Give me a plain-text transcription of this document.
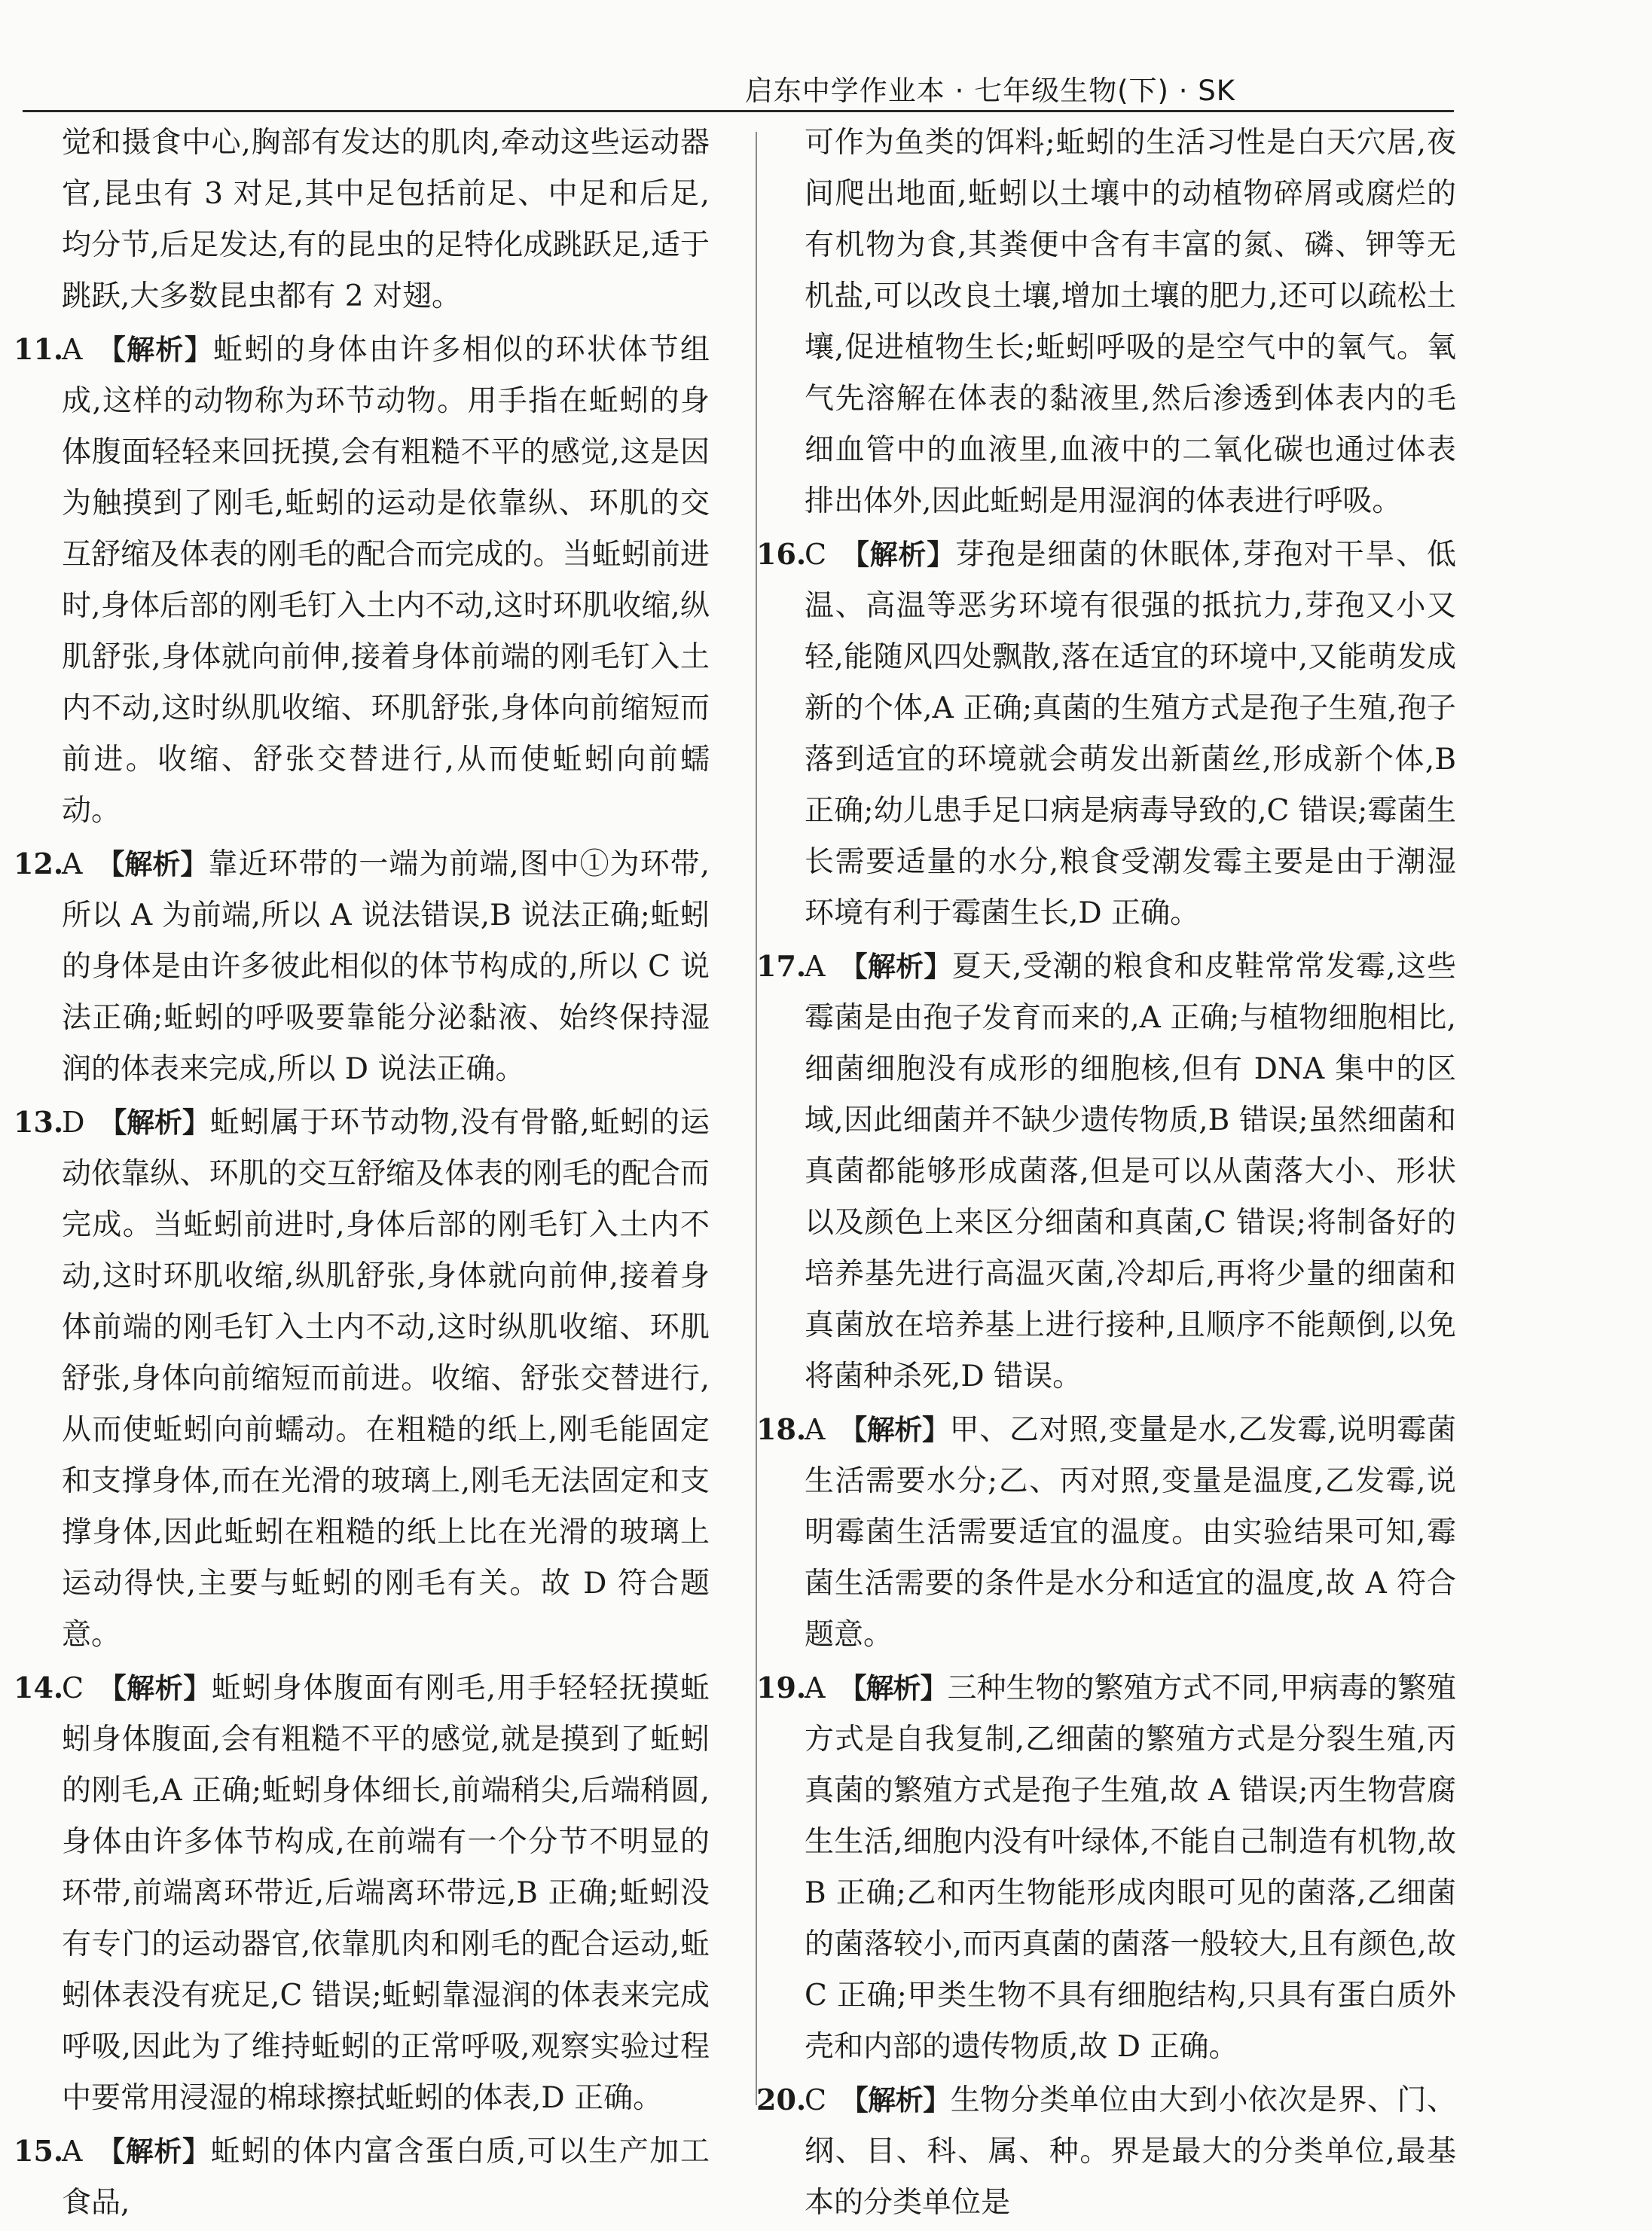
启东中学作业本 · 七年级生物(下) · SK

觉和摄食中心,胸部有发达的肌肉,牵动这些运动器官,昆虫有 3 对足,其中足包括前足、中足和后足,均分节,后足发达,有的昆虫的足特化成跳跃足,适于跳跃,大多数昆虫都有 2 对翅。

11.A 【解析】蚯蚓的身体由许多相似的环状体节组成,这样的动物称为环节动物。用手指在蚯蚓的身体腹面轻轻来回抚摸,会有粗糙不平的感觉,这是因为触摸到了刚毛,蚯蚓的运动是依靠纵、环肌的交互舒缩及体表的刚毛的配合而完成的。当蚯蚓前进时,身体后部的刚毛钉入土内不动,这时环肌收缩,纵肌舒张,身体就向前伸,接着身体前端的刚毛钉入土内不动,这时纵肌收缩、环肌舒张,身体向前缩短而前进。收缩、舒张交替进行,从而使蚯蚓向前蠕动。

12.A 【解析】靠近环带的一端为前端,图中①为环带,所以 A 为前端,所以 A 说法错误,B 说法正确;蚯蚓的身体是由许多彼此相似的体节构成的,所以 C 说法正确;蚯蚓的呼吸要靠能分泌黏液、始终保持湿润的体表来完成,所以 D 说法正确。

13.D 【解析】蚯蚓属于环节动物,没有骨骼,蚯蚓的运动依靠纵、环肌的交互舒缩及体表的刚毛的配合而完成。当蚯蚓前进时,身体后部的刚毛钉入土内不动,这时环肌收缩,纵肌舒张,身体就向前伸,接着身体前端的刚毛钉入土内不动,这时纵肌收缩、环肌舒张,身体向前缩短而前进。收缩、舒张交替进行,从而使蚯蚓向前蠕动。在粗糙的纸上,刚毛能固定和支撑身体,而在光滑的玻璃上,刚毛无法固定和支撑身体,因此蚯蚓在粗糙的纸上比在光滑的玻璃上运动得快,主要与蚯蚓的刚毛有关。故 D 符合题意。

14.C 【解析】蚯蚓身体腹面有刚毛,用手轻轻抚摸蚯蚓身体腹面,会有粗糙不平的感觉,就是摸到了蚯蚓的刚毛,A 正确;蚯蚓身体细长,前端稍尖,后端稍圆,身体由许多体节构成,在前端有一个分节不明显的环带,前端离环带近,后端离环带远,B 正确;蚯蚓没有专门的运动器官,依靠肌肉和刚毛的配合运动,蚯蚓体表没有疣足,C 错误;蚯蚓靠湿润的体表来完成呼吸,因此为了维持蚯蚓的正常呼吸,观察实验过程中要常用浸湿的棉球擦拭蚯蚓的体表,D 正确。

15.A 【解析】蚯蚓的体内富含蛋白质,可以生产加工食品,

可作为鱼类的饵料;蚯蚓的生活习性是白天穴居,夜间爬出地面,蚯蚓以土壤中的动植物碎屑或腐烂的有机物为食,其粪便中含有丰富的氮、磷、钾等无机盐,可以改良土壤,增加土壤的肥力,还可以疏松土壤,促进植物生长;蚯蚓呼吸的是空气中的氧气。氧气先溶解在体表的黏液里,然后渗透到体表内的毛细血管中的血液里,血液中的二氧化碳也通过体表排出体外,因此蚯蚓是用湿润的体表进行呼吸。

16.C 【解析】芽孢是细菌的休眠体,芽孢对干旱、低温、高温等恶劣环境有很强的抵抗力,芽孢又小又轻,能随风四处飘散,落在适宜的环境中,又能萌发成新的个体,A 正确;真菌的生殖方式是孢子生殖,孢子落到适宜的环境就会萌发出新菌丝,形成新个体,B 正确;幼儿患手足口病是病毒导致的,C 错误;霉菌生长需要适量的水分,粮食受潮发霉主要是由于潮湿环境有利于霉菌生长,D 正确。

17.A 【解析】夏天,受潮的粮食和皮鞋常常发霉,这些霉菌是由孢子发育而来的,A 正确;与植物细胞相比,细菌细胞没有成形的细胞核,但有 DNA 集中的区域,因此细菌并不缺少遗传物质,B 错误;虽然细菌和真菌都能够形成菌落,但是可以从菌落大小、形状以及颜色上来区分细菌和真菌,C 错误;将制备好的培养基先进行高温灭菌,冷却后,再将少量的细菌和真菌放在培养基上进行接种,且顺序不能颠倒,以免将菌种杀死,D 错误。

18.A 【解析】甲、乙对照,变量是水,乙发霉,说明霉菌生活需要水分;乙、丙对照,变量是温度,乙发霉,说明霉菌生活需要适宜的温度。由实验结果可知,霉菌生活需要的条件是水分和适宜的温度,故 A 符合题意。

19.A 【解析】三种生物的繁殖方式不同,甲病毒的繁殖方式是自我复制,乙细菌的繁殖方式是分裂生殖,丙真菌的繁殖方式是孢子生殖,故 A 错误;丙生物营腐生生活,细胞内没有叶绿体,不能自己制造有机物,故 B 正确;乙和丙生物能形成肉眼可见的菌落,乙细菌的菌落较小,而丙真菌的菌落一般较大,且有颜色,故 C 正确;甲类生物不具有细胞结构,只具有蛋白质外壳和内部的遗传物质,故 D 正确。

20.C 【解析】生物分类单位由大到小依次是界、门、纲、目、科、属、种。界是最大的分类单位,最基本的分类单位是
